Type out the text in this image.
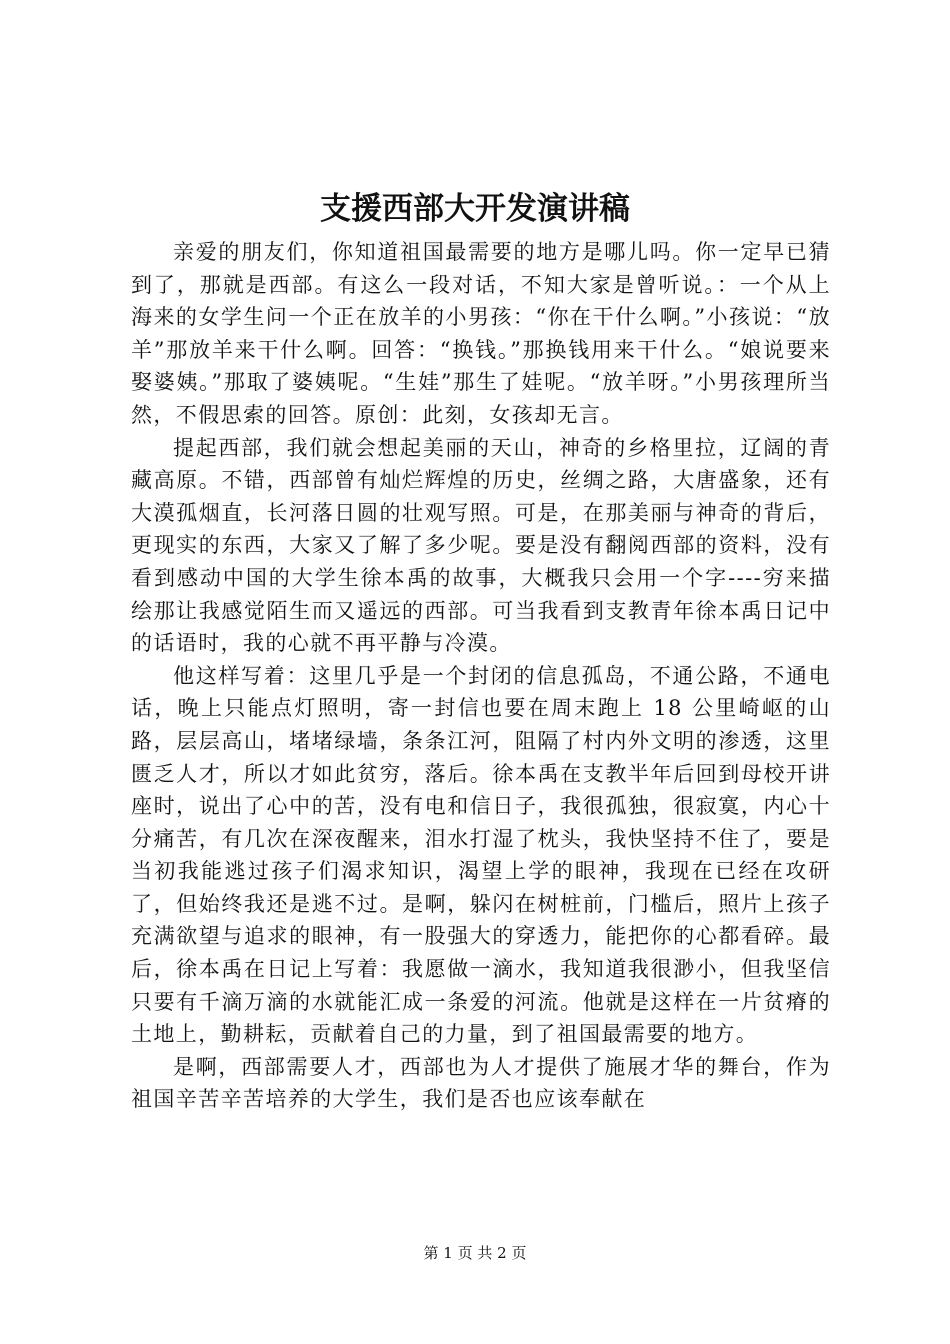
支援西部大开发演讲稿

亲爱的朋友们，你知道祖国最需要的地方是哪儿吗。你一定早已猜到了，那就是西部。有这么一段对话，不知大家是曾听说。：一个从上海来的女学生问一个正在放羊的小男孩：“你在干什么啊。”小孩说：“放羊”那放羊来干什么啊。回答：“换钱。”那换钱用来干什么。“娘说要来娶婆姨。”那取了婆姨呢。“生娃”那生了娃呢。“放羊呀。”小男孩理所当然，不假思索的回答。原创：此刻，女孩却无言。

提起西部，我们就会想起美丽的天山，神奇的乡格里拉，辽阔的青藏高原。不错，西部曾有灿烂辉煌的历史，丝绸之路，大唐盛象，还有大漠孤烟直，长河落日圆的壮观写照。可是，在那美丽与神奇的背后，更现实的东西，大家又了解了多少呢。要是没有翻阅西部的资料，没有看到感动中国的大学生徐本禹的故事，大概我只会用一个字----穷来描绘那让我感觉陌生而又遥远的西部。可当我看到支教青年徐本禹日记中的话语时，我的心就不再平静与冷漠。

他这样写着：这里几乎是一个封闭的信息孤岛，不通公路，不通电话，晚上只能点灯照明，寄一封信也要在周末跑上 18 公里崎岖的山路，层层高山，堵堵绿墙，条条江河，阻隔了村内外文明的渗透，这里匮乏人才，所以才如此贫穷，落后。徐本禹在支教半年后回到母校开讲座时，说出了心中的苦，没有电和信日子，我很孤独，很寂寞，内心十分痛苦，有几次在深夜醒来，泪水打湿了枕头，我快坚持不住了，要是当初我能逃过孩子们渴求知识，渴望上学的眼神，我现在已经在攻研了，但始终我还是逃不过。是啊，躲闪在树桩前，门槛后，照片上孩子充满欲望与追求的眼神，有一股强大的穿透力，能把你的心都看碎。最后，徐本禹在日记上写着：我愿做一滴水，我知道我很渺小，但我坚信只要有千滴万滴的水就能汇成一条爱的河流。他就是这样在一片贫瘠的土地上，勤耕耘，贡献着自己的力量，到了祖国最需要的地方。

是啊，西部需要人才，西部也为人才提供了施展才华的舞台，作为祖国辛苦辛苦培养的大学生，我们是否也应该奉献在

第 1 页 共 2 页
